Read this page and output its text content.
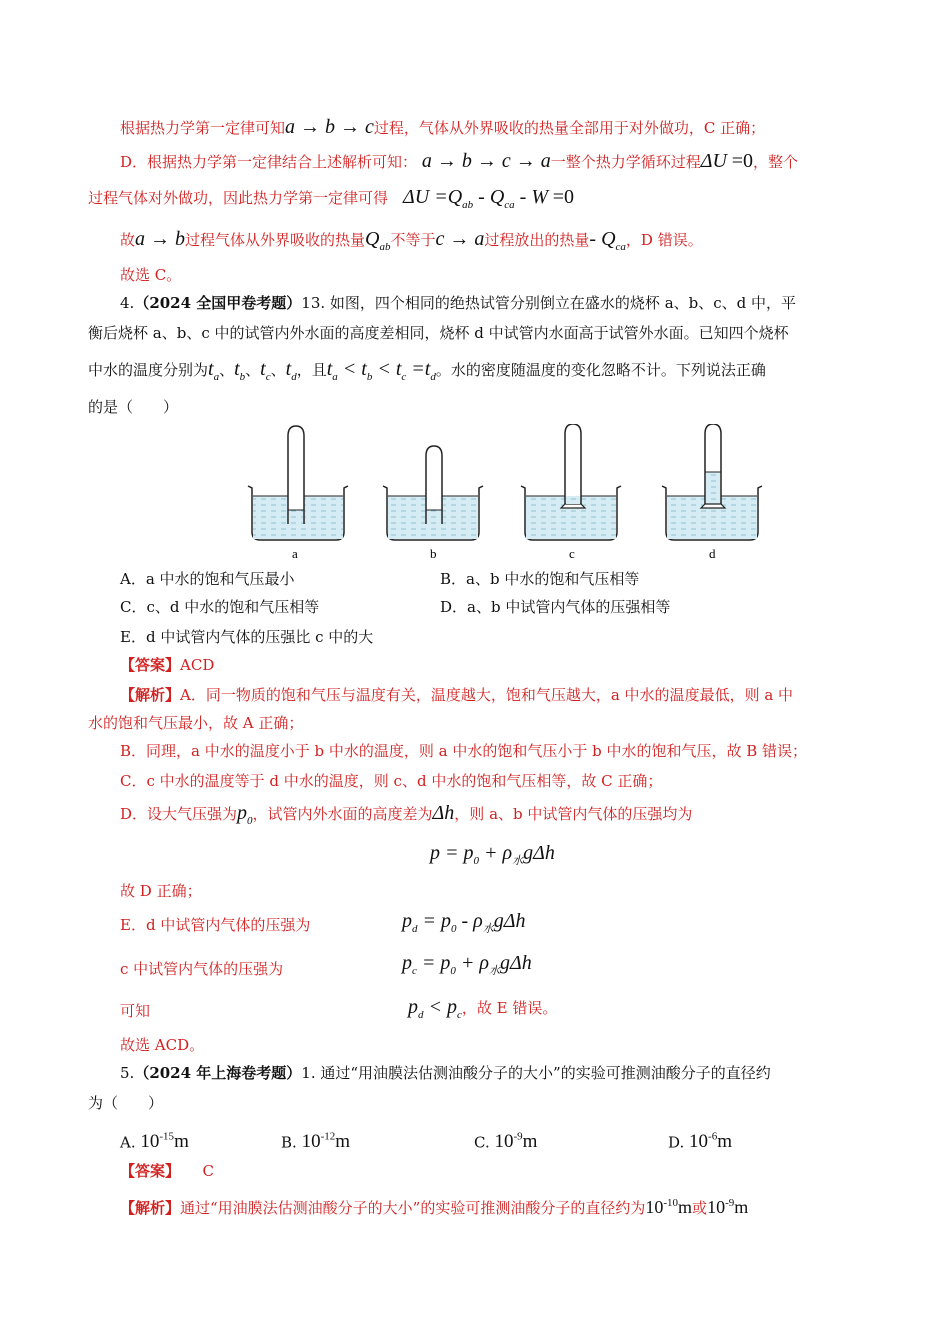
根据热力学第一定律可知a → b → c过程，气体从外界吸收的热量全部用于对外做功，C 正确；
D．根据热力学第一定律结合上述解析可知： a → b → c → a一整个热力学循环过程ΔU =0，整个
过程气体对外做功，因此热力学第一定律可得　 $\Delta U =Q_{ab} - Q_{ca} - W =0$
故a → b过程气体从外界吸收的热量$Q_{ab}$不等于c → a过程放出的热量- $Q_{ca}$，D 错误。
故选 C。
4.（2024 全国甲卷考题）13. 如图，四个相同的绝热试管分别倒立在盛水的烧杯 a、b、c、d 中，平
衡后烧杯 a、b、c 中的试管内外水面的高度差相同，烧杯 d 中试管内水面高于试管外水面。已知四个烧杯
中水的温度分别为$t_a$、$t_b$、$t_c$、$t_d$，且$t_a < t_b < t_c =t_d$。水的密度随温度的变化忽略不计。下列说法正确
的是（　　）
a	b	c	d
A．a 中水的饱和气压最小	B．a、b 中水的饱和气压相等
C．c、d 中水的饱和气压相等	D．a、b 中试管内气体的压强相等
E．d 中试管内气体的压强比 c 中的大
【答案】ACD
【解析】A．同一物质的饱和气压与温度有关，温度越大，饱和气压越大，a 中水的温度最低，则 a 中
水的饱和气压最小，故 A 正确；
B．同理，a 中水的温度小于 b 中水的温度，则 a 中水的饱和气压小于 b 中水的饱和气压，故 B 错误；
C．c 中水的温度等于 d 中水的温度，则 c、d 中水的饱和气压相等，故 C 正确；
D．设大气压强为$p_0$，试管内外水面的高度差为Δh，则 a、b 中试管内气体的压强均为
$p = p_0 + \rho_水g\Delta h$
故 D 正确；
E．d 中试管内气体的压强为	$p_d = p_0 - \rho_水g\Delta h$
c 中试管内气体的压强为	$p_c = p_0 + \rho_水g\Delta h$
可知	$p_d < p_c$，故 E 错误。
故选 ACD。
5.（2024 年上海卷考题）1. 通过“用油膜法估测油酸分子的大小”的实验可推测油酸分子的直径约
为（　　）
A. $10^{-15}m$	B. $10^{-12}m$	C. $10^{-9}m$	D. $10^{-6}m$
【答案】　　 C
【解析】通过“用油膜法估测油酸分子的大小”的实验可推测油酸分子的直径约为$10^{-10}m$或$10^{-9}m$
